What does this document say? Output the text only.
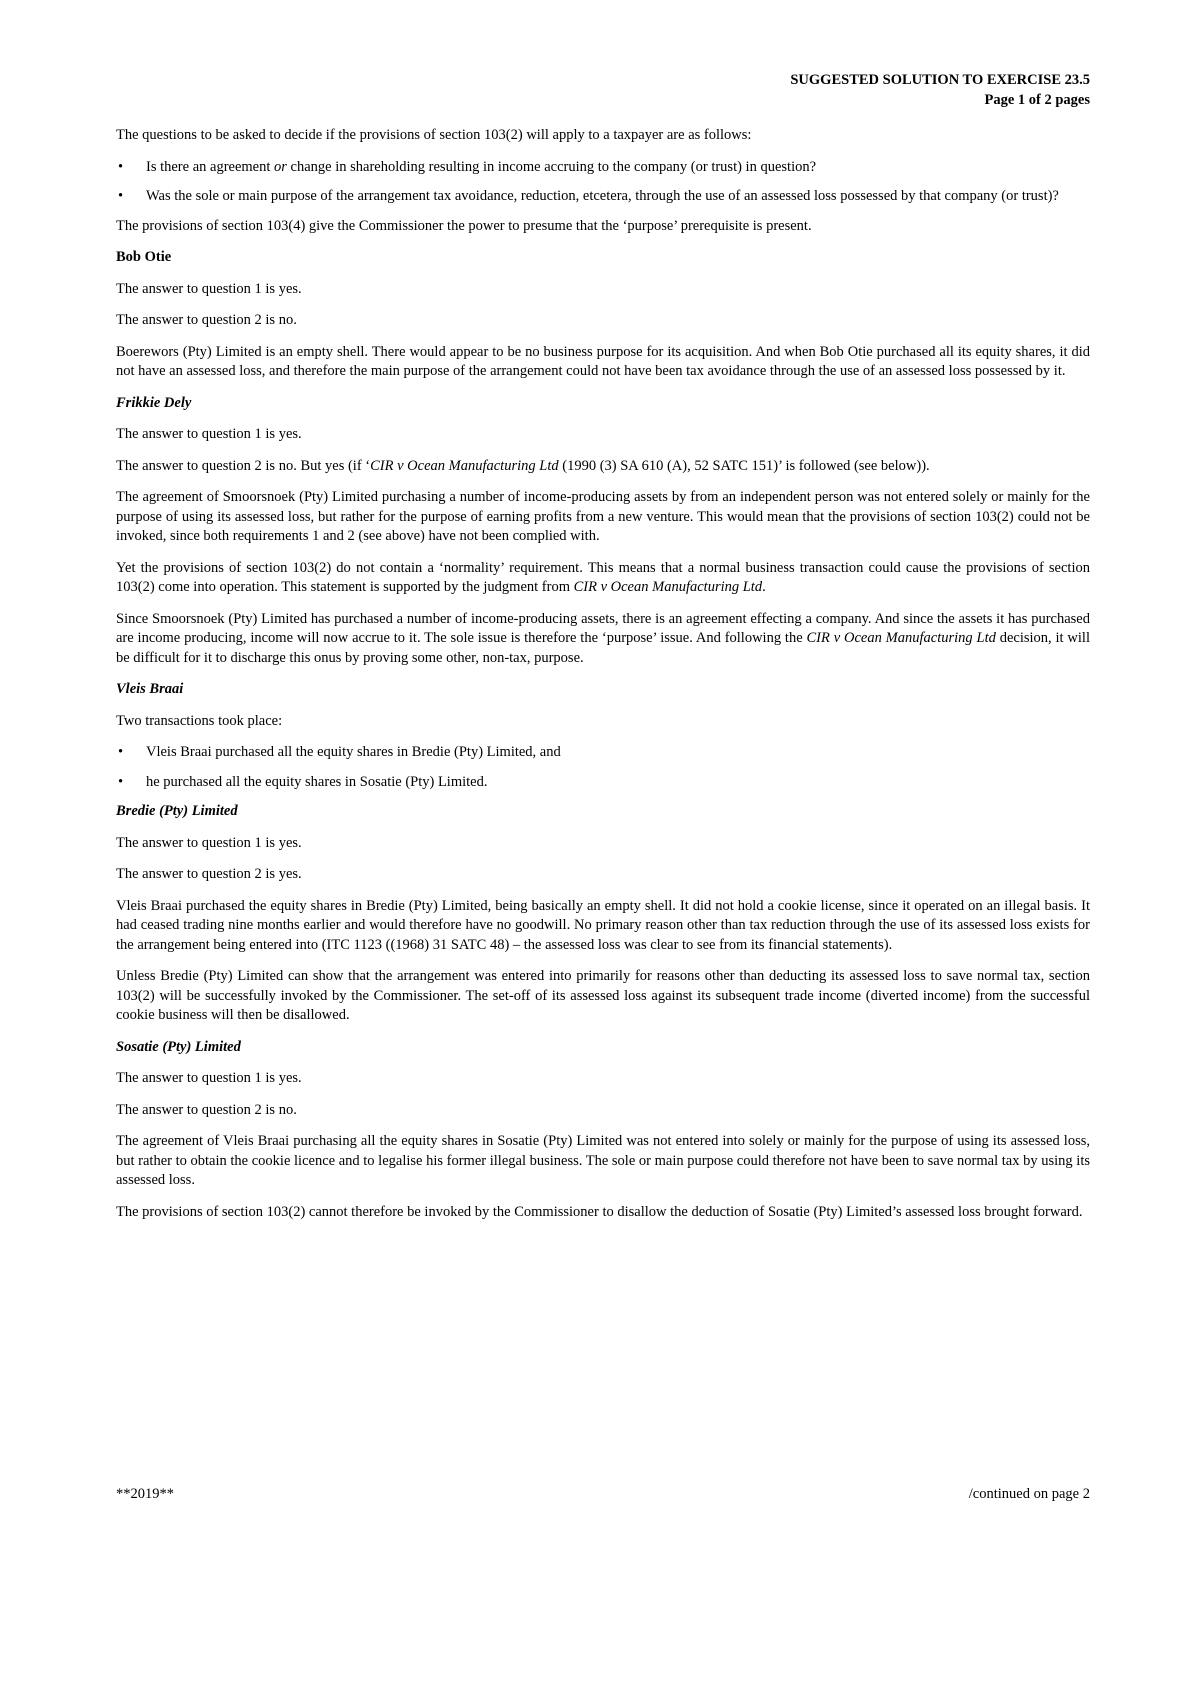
SUGGESTED SOLUTION TO EXERCISE 23.5
Page 1 of 2 pages

The questions to be asked to decide if the provisions of section 103(2) will apply to a taxpayer are as follows:

• Is there an agreement or change in shareholding resulting in income accruing to the company (or trust) in question?
• Was the sole or main purpose of the arrangement tax avoidance, reduction, etcetera, through the use of an assessed loss possessed by that company (or trust)?

The provisions of section 103(4) give the Commissioner the power to presume that the ‘purpose’ prerequisite is present.

Bob Otie

The answer to question 1 is yes.

The answer to question 2 is no.

Boerewors (Pty) Limited is an empty shell. There would appear to be no business purpose for its acquisition. And when Bob Otie purchased all its equity shares, it did not have an assessed loss, and therefore the main purpose of the arrangement could not have been tax avoidance through the use of an assessed loss possessed by it.

Frikkie Dely

The answer to question 1 is yes.

The answer to question 2 is no. But yes (if ‘CIR v Ocean Manufacturing Ltd (1990 (3) SA 610 (A), 52 SATC 151)’ is followed (see below)).

The agreement of Smoorsnoek (Pty) Limited purchasing a number of income-producing assets by from an independent person was not entered solely or mainly for the purpose of using its assessed loss, but rather for the purpose of earning profits from a new venture. This would mean that the provisions of section 103(2) could not be invoked, since both requirements 1 and 2 (see above) have not been complied with.

Yet the provisions of section 103(2) do not contain a ‘normality’ requirement. This means that a normal business transaction could cause the provisions of section 103(2) come into operation. This statement is supported by the judgment from CIR v Ocean Manufacturing Ltd.

Since Smoorsnoek (Pty) Limited has purchased a number of income-producing assets, there is an agreement effecting a company. And since the assets it has purchased are income producing, income will now accrue to it. The sole issue is therefore the ‘purpose’ issue. And following the CIR v Ocean Manufacturing Ltd decision, it will be difficult for it to discharge this onus by proving some other, non-tax, purpose.

Vleis Braai

Two transactions took place:

• Vleis Braai purchased all the equity shares in Bredie (Pty) Limited, and
• he purchased all the equity shares in Sosatie (Pty) Limited.
Bredie (Pty) Limited

The answer to question 1 is yes.

The answer to question 2 is yes.

Vleis Braai purchased the equity shares in Bredie (Pty) Limited, being basically an empty shell. It did not hold a cookie license, since it operated on an illegal basis. It had ceased trading nine months earlier and would therefore have no goodwill. No primary reason other than tax reduction through the use of its assessed loss exists for the arrangement being entered into (ITC 1123 ((1968) 31 SATC 48) – the assessed loss was clear to see from its financial statements).

Unless Bredie (Pty) Limited can show that the arrangement was entered into primarily for reasons other than deducting its assessed loss to save normal tax, section 103(2) will be successfully invoked by the Commissioner. The set-off of its assessed loss against its subsequent trade income (diverted income) from the successful cookie business will then be disallowed.

Sosatie (Pty) Limited

The answer to question 1 is yes.

The answer to question 2 is no.

The agreement of Vleis Braai purchasing all the equity shares in Sosatie (Pty) Limited was not entered into solely or mainly for the purpose of using its assessed loss, but rather to obtain the cookie licence and to legalise his former illegal business. The sole or main purpose could therefore not have been to save normal tax by using its assessed loss.

The provisions of section 103(2) cannot therefore be invoked by the Commissioner to disallow the deduction of Sosatie (Pty) Limited’s assessed loss brought forward.

**2019**	/continued on page 2
